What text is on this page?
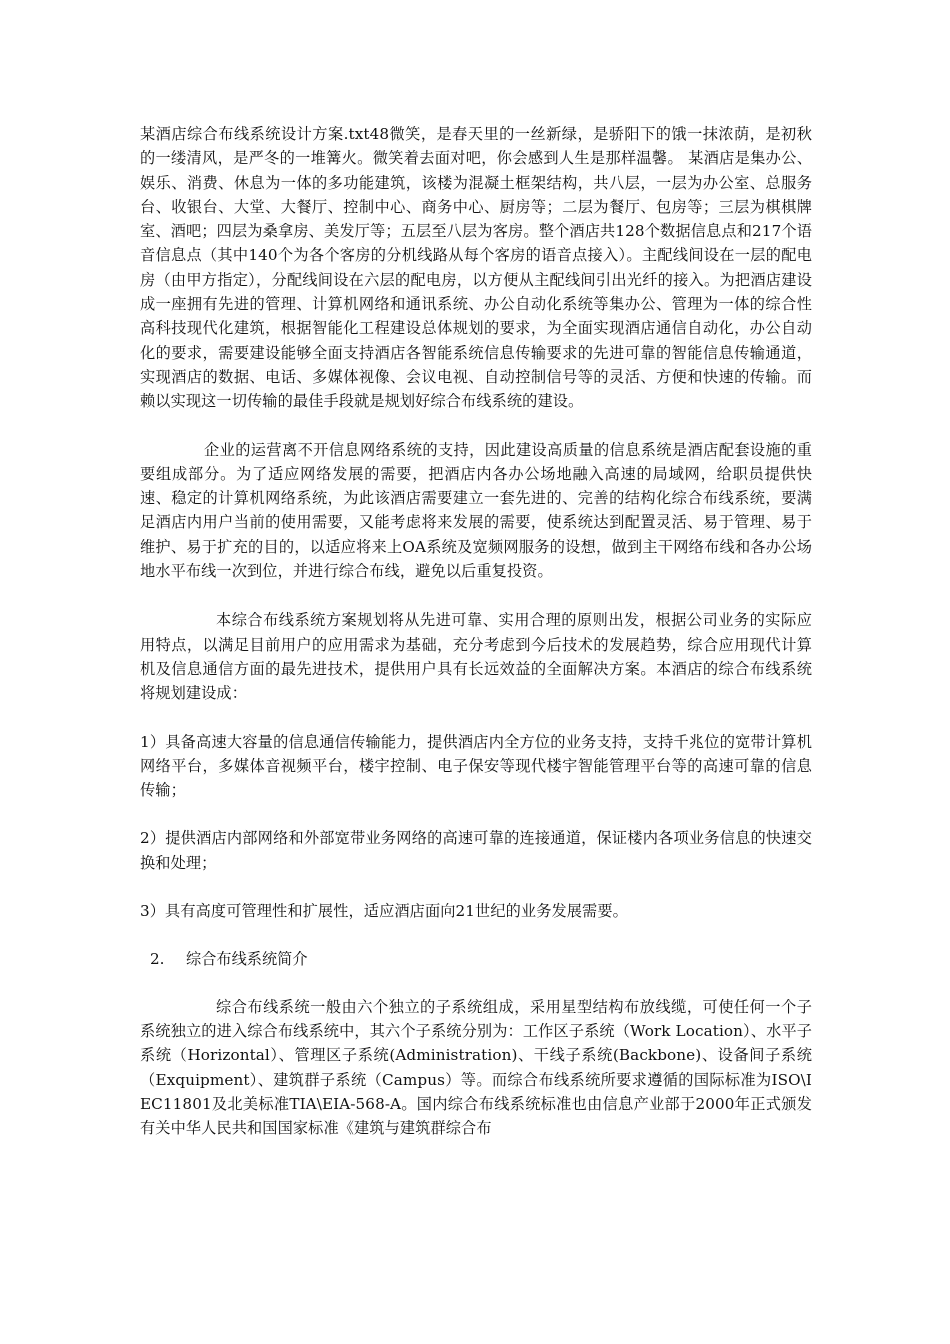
某酒店综合布线系统设计方案.txt48微笑，是春天里的一丝新绿，是骄阳下的饿一抹浓荫，是初秋的一缕清风，是严冬的一堆篝火。微笑着去面对吧，你会感到人生是那样温馨。 某酒店是集办公、娱乐、消费、休息为一体的多功能建筑，该楼为混凝土框架结构，共八层，一层为办公室、总服务台、收银台、大堂、大餐厅、控制中心、商务中心、厨房等；二层为餐厅、包房等；三层为棋棋牌室、酒吧；四层为桑拿房、美发厅等；五层至八层为客房。整个酒店共128个数据信息点和217个语音信息点（其中140个为各个客房的分机线路从每个客房的语音点接入）。主配线间设在一层的配电房（由甲方指定），分配线间设在六层的配电房，以方便从主配线间引出光纤的接入。为把酒店建设成一座拥有先进的管理、计算机网络和通讯系统、办公自动化系统等集办公、管理为一体的综合性高科技现代化建筑，根据智能化工程建设总体规划的要求，为全面实现酒店通信自动化，办公自动化的要求，需要建设能够全面支持酒店各智能系统信息传输要求的先进可靠的智能信息传输通道，实现酒店的数据、电话、多媒体视像、会议电视、自动控制信号等的灵活、方便和快速的传输。而赖以实现这一切传输的最佳手段就是规划好综合布线系统的建设。

企业的运营离不开信息网络系统的支持，因此建设高质量的信息系统是酒店配套设施的重要组成部分。为了适应网络发展的需要，把酒店内各办公场地融入高速的局域网，给职员提供快速、稳定的计算机网络系统，为此该酒店需要建立一套先进的、完善的结构化综合布线系统，要满足酒店内用户当前的使用需要，又能考虑将来发展的需要，使系统达到配置灵活、易于管理、易于维护、易于扩充的目的，以适应将来上OA系统及宽频网服务的设想，做到主干网络布线和各办公场地水平布线一次到位，并进行综合布线，避免以后重复投资。

本综合布线系统方案规划将从先进可靠、实用合理的原则出发，根据公司业务的实际应用特点，以满足目前用户的应用需求为基础，充分考虑到今后技术的发展趋势，综合应用现代计算机及信息通信方面的最先进技术，提供用户具有长远效益的全面解决方案。本酒店的综合布线系统将规划建设成：

1）具备高速大容量的信息通信传输能力，提供酒店内全方位的业务支持，支持千兆位的宽带计算机网络平台，多媒体音视频平台，楼宇控制、电子保安等现代楼宇智能管理平台等的高速可靠的信息传输；

2）提供酒店内部网络和外部宽带业务网络的高速可靠的连接通道，保证楼内各项业务信息的快速交换和处理；

3）具有高度可管理性和扩展性，适应酒店面向21世纪的业务发展需要。

2. 综合布线系统简介

综合布线系统一般由六个独立的子系统组成，采用星型结构布放线缆，可使任何一个子系统独立的进入综合布线系统中，其六个子系统分别为：工作区子系统（Work Location）、水平子系统（Horizontal）、管理区子系统(Administration)、干线子系统(Backbone)、设备间子系统（Exquipment）、建筑群子系统（Campus）等。而综合布线系统所要求遵循的国际标准为ISO\IEC11801及北美标准TIA\EIA-568-A。国内综合布线系统标准也由信息产业部于2000年正式颁发有关中华人民共和国国家标准《建筑与建筑群综合布
